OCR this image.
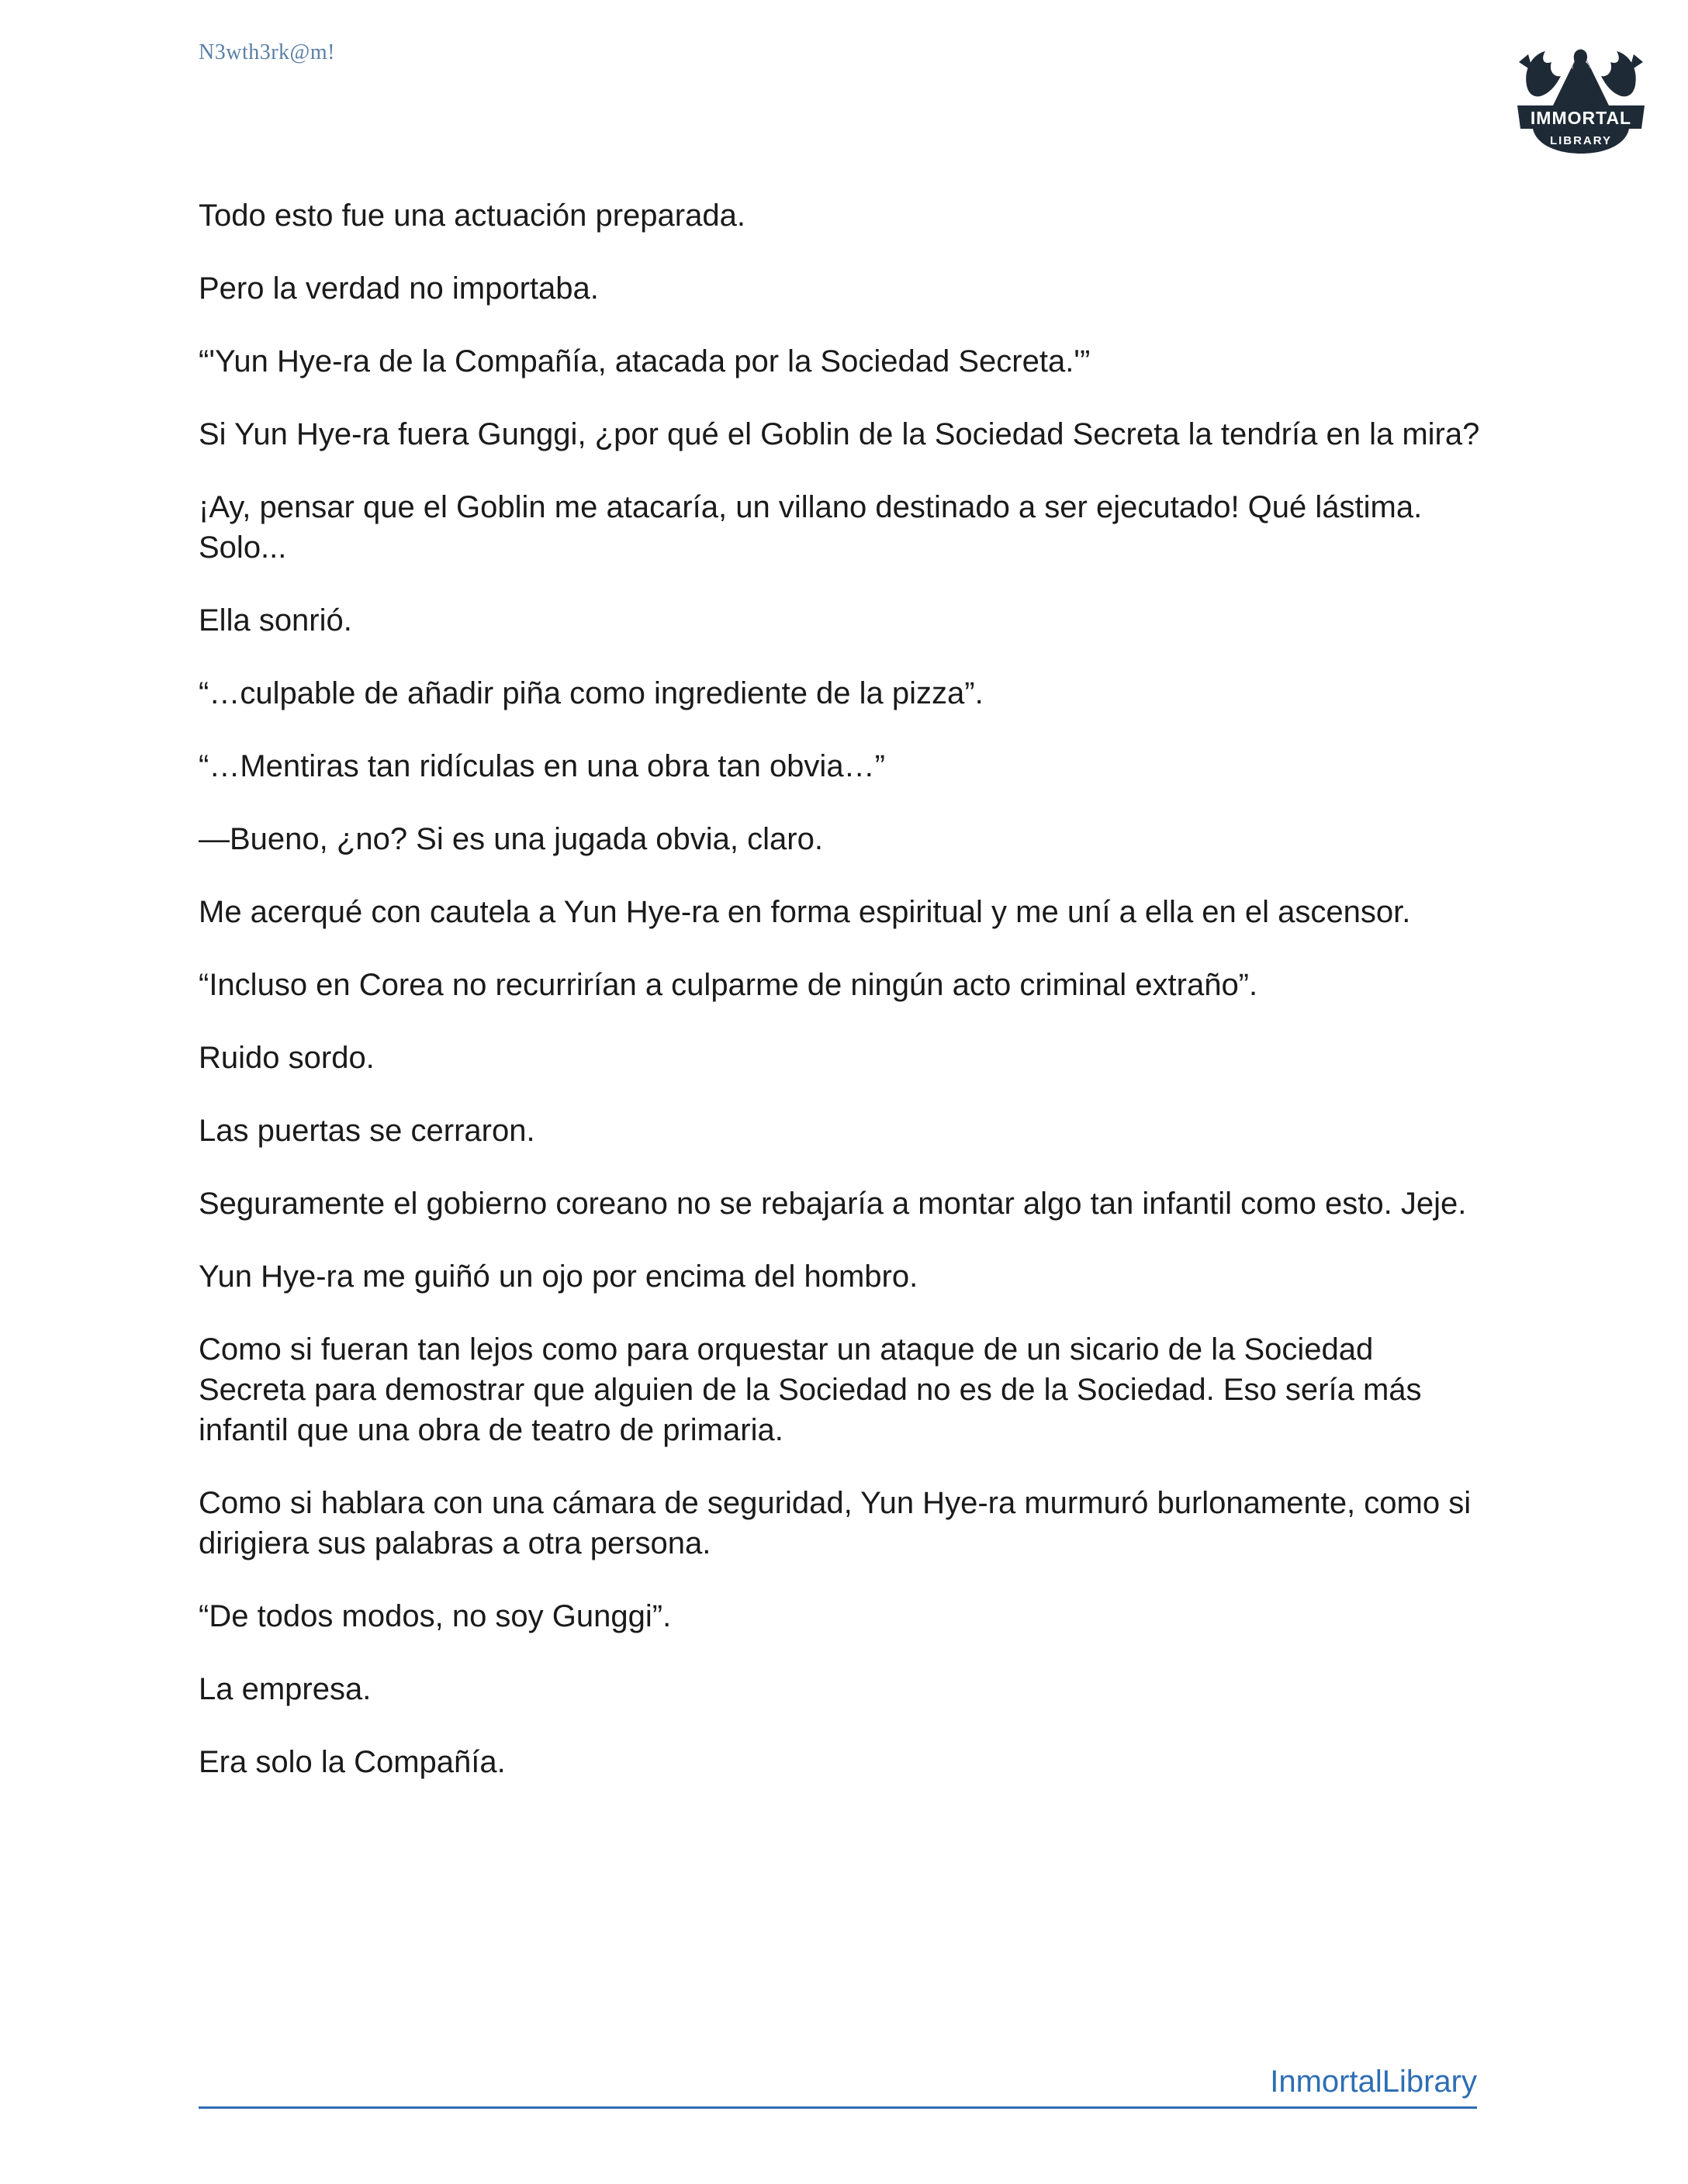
N3wth3rk@m!
IMMORTAL
LIBRARY

Todo esto fue una actuación preparada.

Pero la verdad no importaba.

“'Yun Hye-ra de la Compañía, atacada por la Sociedad Secreta.'”

Si Yun Hye-ra fuera Gunggi, ¿por qué el Goblin de la Sociedad Secreta la tendría en la mira?

¡Ay, pensar que el Goblin me atacaría, un villano destinado a ser ejecutado! Qué lástima. Solo...

Ella sonrió.

“…culpable de añadir piña como ingrediente de la pizza”.

“…Mentiras tan ridículas en una obra tan obvia…”

—Bueno, ¿no? Si es una jugada obvia, claro.

Me acerqué con cautela a Yun Hye-ra en forma espiritual y me uní a ella en el ascensor.

“Incluso en Corea no recurrirían a culparme de ningún acto criminal extraño”.

Ruido sordo.

Las puertas se cerraron.

Seguramente el gobierno coreano no se rebajaría a montar algo tan infantil como esto. Jeje.

Yun Hye-ra me guiñó un ojo por encima del hombro.

Como si fueran tan lejos como para orquestar un ataque de un sicario de la Sociedad Secreta para demostrar que alguien de la Sociedad no es de la Sociedad. Eso sería más infantil que una obra de teatro de primaria.

Como si hablara con una cámara de seguridad, Yun Hye-ra murmuró burlonamente, como si dirigiera sus palabras a otra persona.

“De todos modos, no soy Gunggi”.

La empresa.

Era solo la Compañía.

InmortalLibrary
